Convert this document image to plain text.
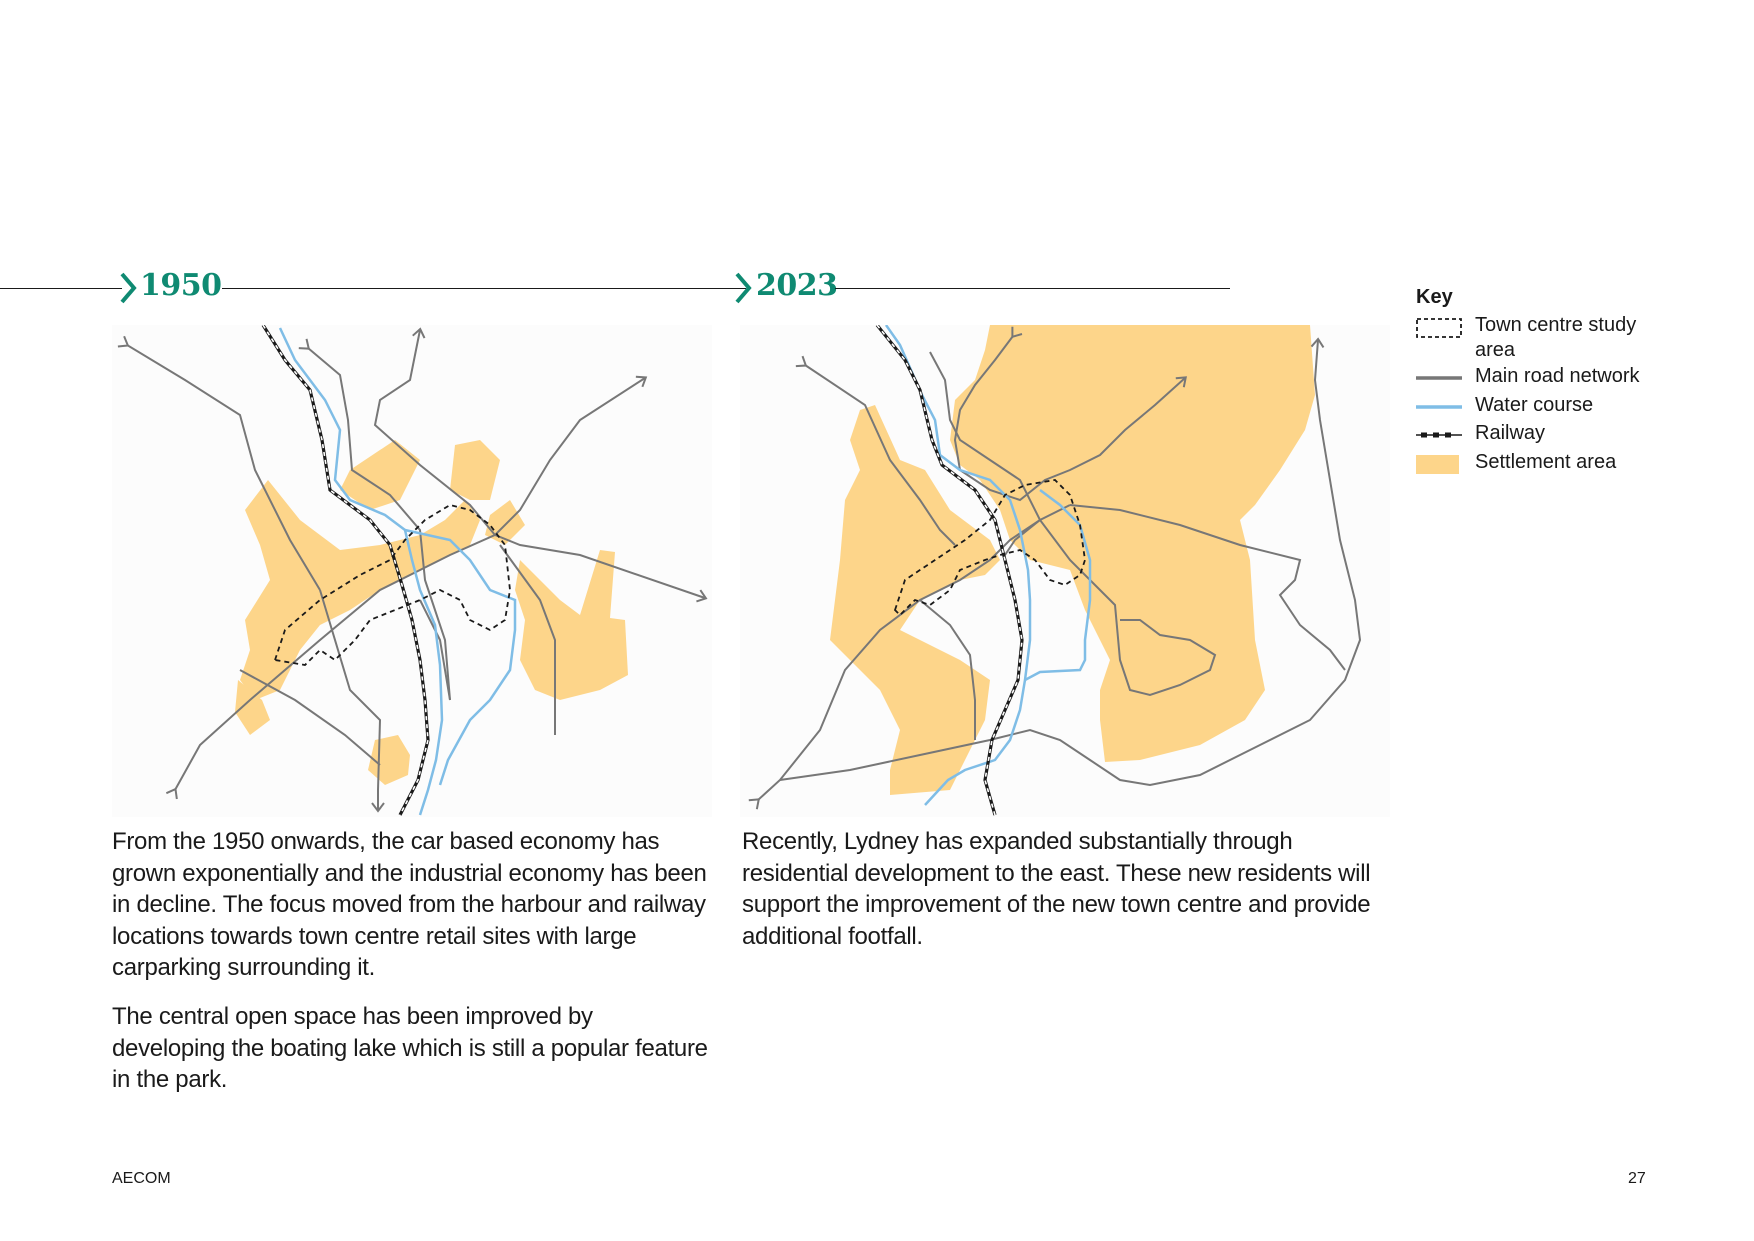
1950	2023

From the 1950 onwards, the car based economy has grown exponentially and the industrial economy has been in decline. The focus moved from the harbour and railway locations towards town centre retail sites with large carparking surrounding it.

The central open space has been improved by developing the boating lake which is still a popular feature in the park.

Recently, Lydney has expanded substantially through residential development to the east. These new residents will support the improvement of the new town centre and provide additional footfall.

Key
Town centre study area
Main road network
Water course
Railway
Settlement area
AECOM	27
